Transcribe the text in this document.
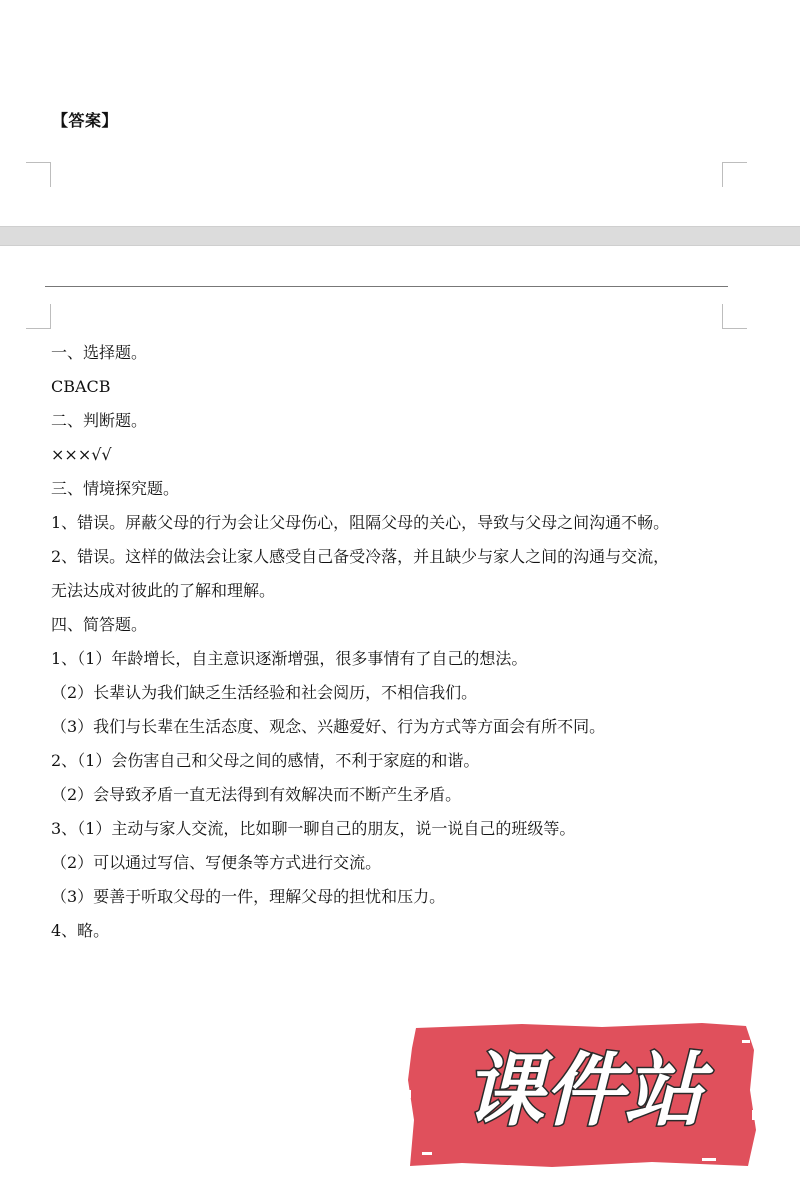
【答案】
一、选择题。
CBACB
二、判断题。
×××√√
三、情境探究题。
1、错误。屏蔽父母的行为会让父母伤心，阻隔父母的关心，导致与父母之间沟通不畅。
2、错误。这样的做法会让家人感受自己备受冷落，并且缺少与家人之间的沟通与交流，
无法达成对彼此的了解和理解。
四、简答题。
1、（1）年龄增长，自主意识逐渐增强，很多事情有了自己的想法。
（2）长辈认为我们缺乏生活经验和社会阅历，不相信我们。
（3）我们与长辈在生活态度、观念、兴趣爱好、行为方式等方面会有所不同。
2、（1）会伤害自己和父母之间的感情，不利于家庭的和谐。
（2）会导致矛盾一直无法得到有效解决而不断产生矛盾。
3、（1）主动与家人交流，比如聊一聊自己的朋友，说一说自己的班级等。
（2）可以通过写信、写便条等方式进行交流。
（3）要善于听取父母的一件，理解父母的担忧和压力。
4、略。
课件站
